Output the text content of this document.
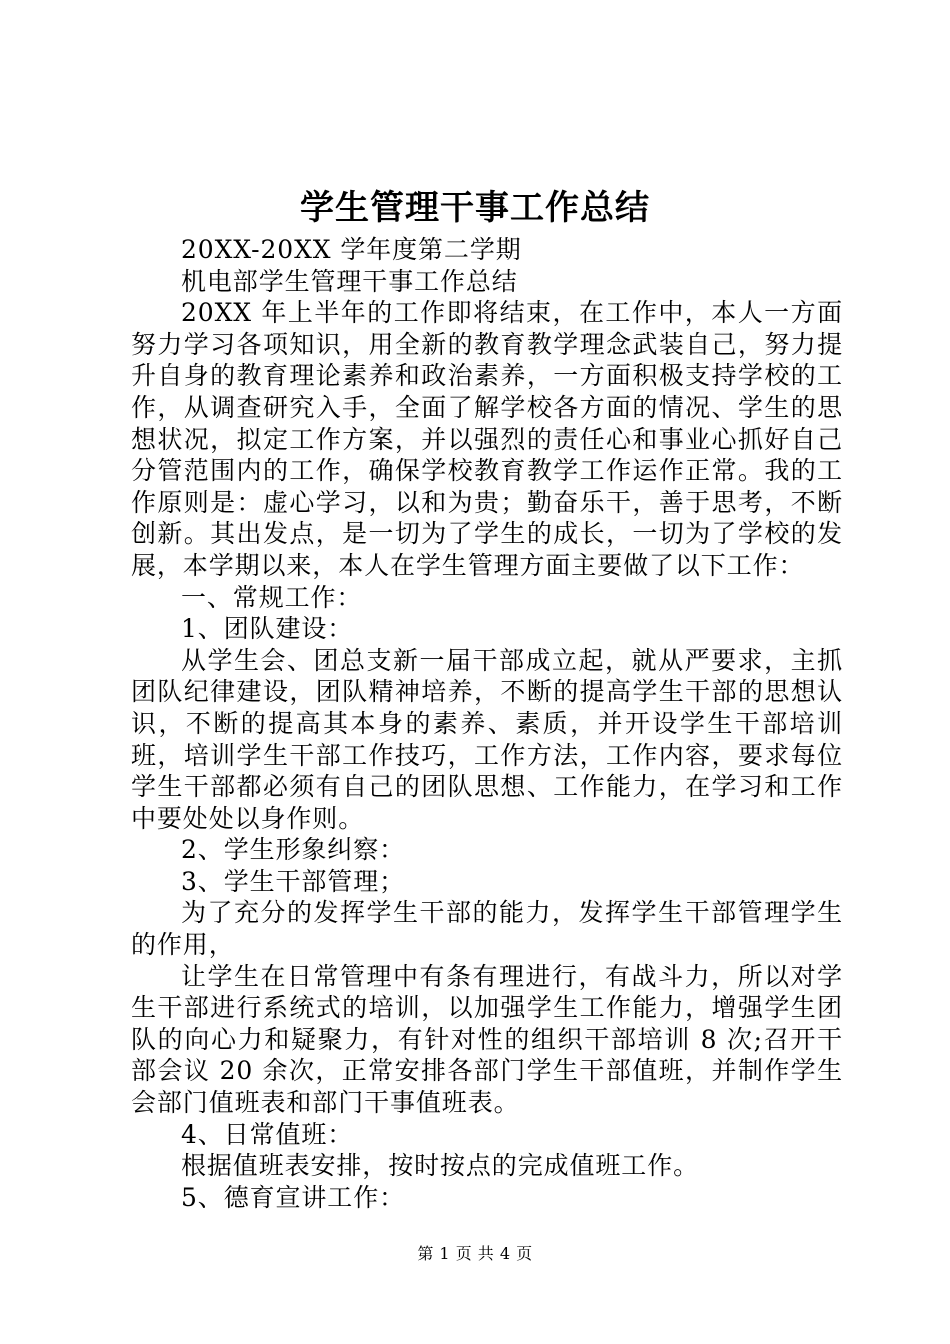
学生管理干事工作总结

20XX-20XX 学年度第二学期

机电部学生管理干事工作总结

20XX 年上半年的工作即将结束，在工作中，本人一方面努力学习各项知识，用全新的教育教学理念武装自己，努力提升自身的教育理论素养和政治素养，一方面积极支持学校的工作，从调查研究入手，全面了解学校各方面的情况、学生的思想状况，拟定工作方案，并以强烈的责任心和事业心抓好自己分管范围内的工作，确保学校教育教学工作运作正常。我的工作原则是：虚心学习，以和为贵；勤奋乐干，善于思考，不断创新。其出发点，是一切为了学生的成长，一切为了学校的发展，本学期以来，本人在学生管理方面主要做了以下工作：

一、常规工作：

1、团队建设：

从学生会、团总支新一届干部成立起，就从严要求，主抓团队纪律建设，团队精神培养，不断的提高学生干部的思想认识，不断的提高其本身的素养、素质，并开设学生干部培训班，培训学生干部工作技巧，工作方法，工作内容，要求每位学生干部都必须有自己的团队思想、工作能力，在学习和工作中要处处以身作则。

2、学生形象纠察：

3、学生干部管理；

为了充分的发挥学生干部的能力，发挥学生干部管理学生的作用，

让学生在日常管理中有条有理进行，有战斗力，所以对学生干部进行系统式的培训，以加强学生工作能力，增强学生团队的向心力和疑聚力，有针对性的组织干部培训 8 次;召开干部会议 20 余次，正常安排各部门学生干部值班，并制作学生会部门值班表和部门干事值班表。

4、日常值班：

根据值班表安排，按时按点的完成值班工作。

5、德育宣讲工作：

第 1 页 共 4 页
